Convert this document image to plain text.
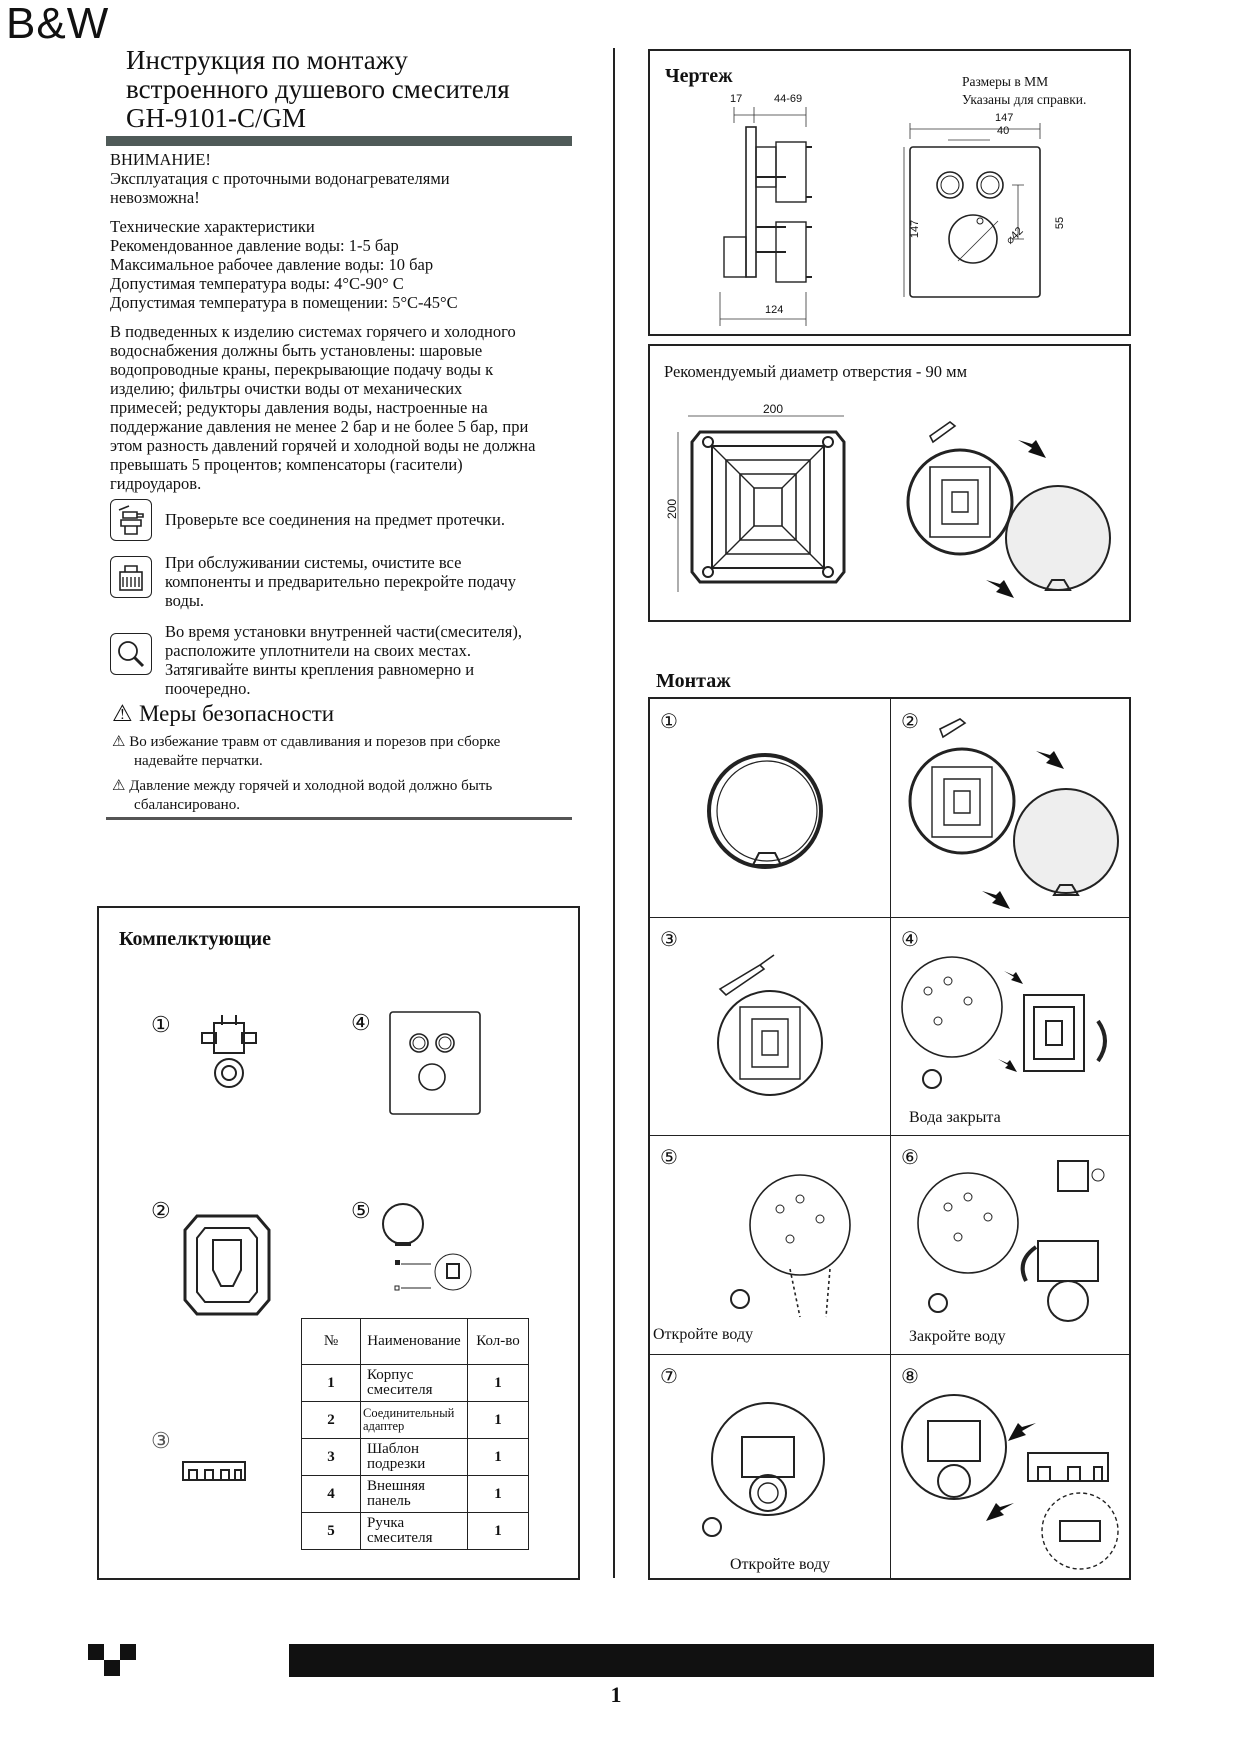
B&W
Инструкция по монтажу
встроенного душевого смесителя
GH-9101-C/GM

ВНИМАНИЕ!

Эксплуатация с проточными водонагревателями

невозможна!

Технические характеристики

Рекомендованное давление воды: 1-5 бар

Максимальное рабочее давление воды: 10 бар

Допустимая температура воды: 4°С-90° С

Допустимая температура в помещении: 5°С-45°С

В подведенных к изделию системах горячего и холодного

водоснабжения должны быть установлены: шаровые

водопроводные краны, перекрывающие подачу воды к

изделию; фильтры очистки воды от механических

примесей; редукторы давления воды, настроенные на

поддержание давления не менее 2 бар и не более 5 бар, при

этом разность давлений горячей и холодной воды не должна

превышать 5 процентов; компенсаторы (гасители)

гидроударов.

Проверьте все соединения на предмет протечки.
При обслуживании системы, очистите все
компоненты и предварительно перекройте подачу
воды.
Во время установки внутренней части(смесителя),
расположите уплотнители на своих местах.
Затягивайте винты крепления равномерно и
поочередно.
⚠ Меры безопасности
⚠ Во избежание травм от сдавливания и порезов при сборке
надевайте перчатки.
⚠ Давление между горячей и холодной водой должно быть
сбалансировано.
Компелктующие
①	④
②	⑤
③
№	Наименование	Кол-во
1	Корпус смесителя	1
2	Соединительный адаптер	1
3	Шаблон подрезки	1
4	Внешняя панель	1
5	Ручка смесителя	1
Чертеж	Размеры в ММ
Указаны для справки.
17	44-69
124
147
40
147	55
⌀42
Рекомендуемый диаметр отверстия - 90 мм
200
200
Монтаж
①	②
③	④
⑤	⑥
⑦	⑧
Вода закрыта
Откройте воду	Закройте воду
Откройте воду
1
